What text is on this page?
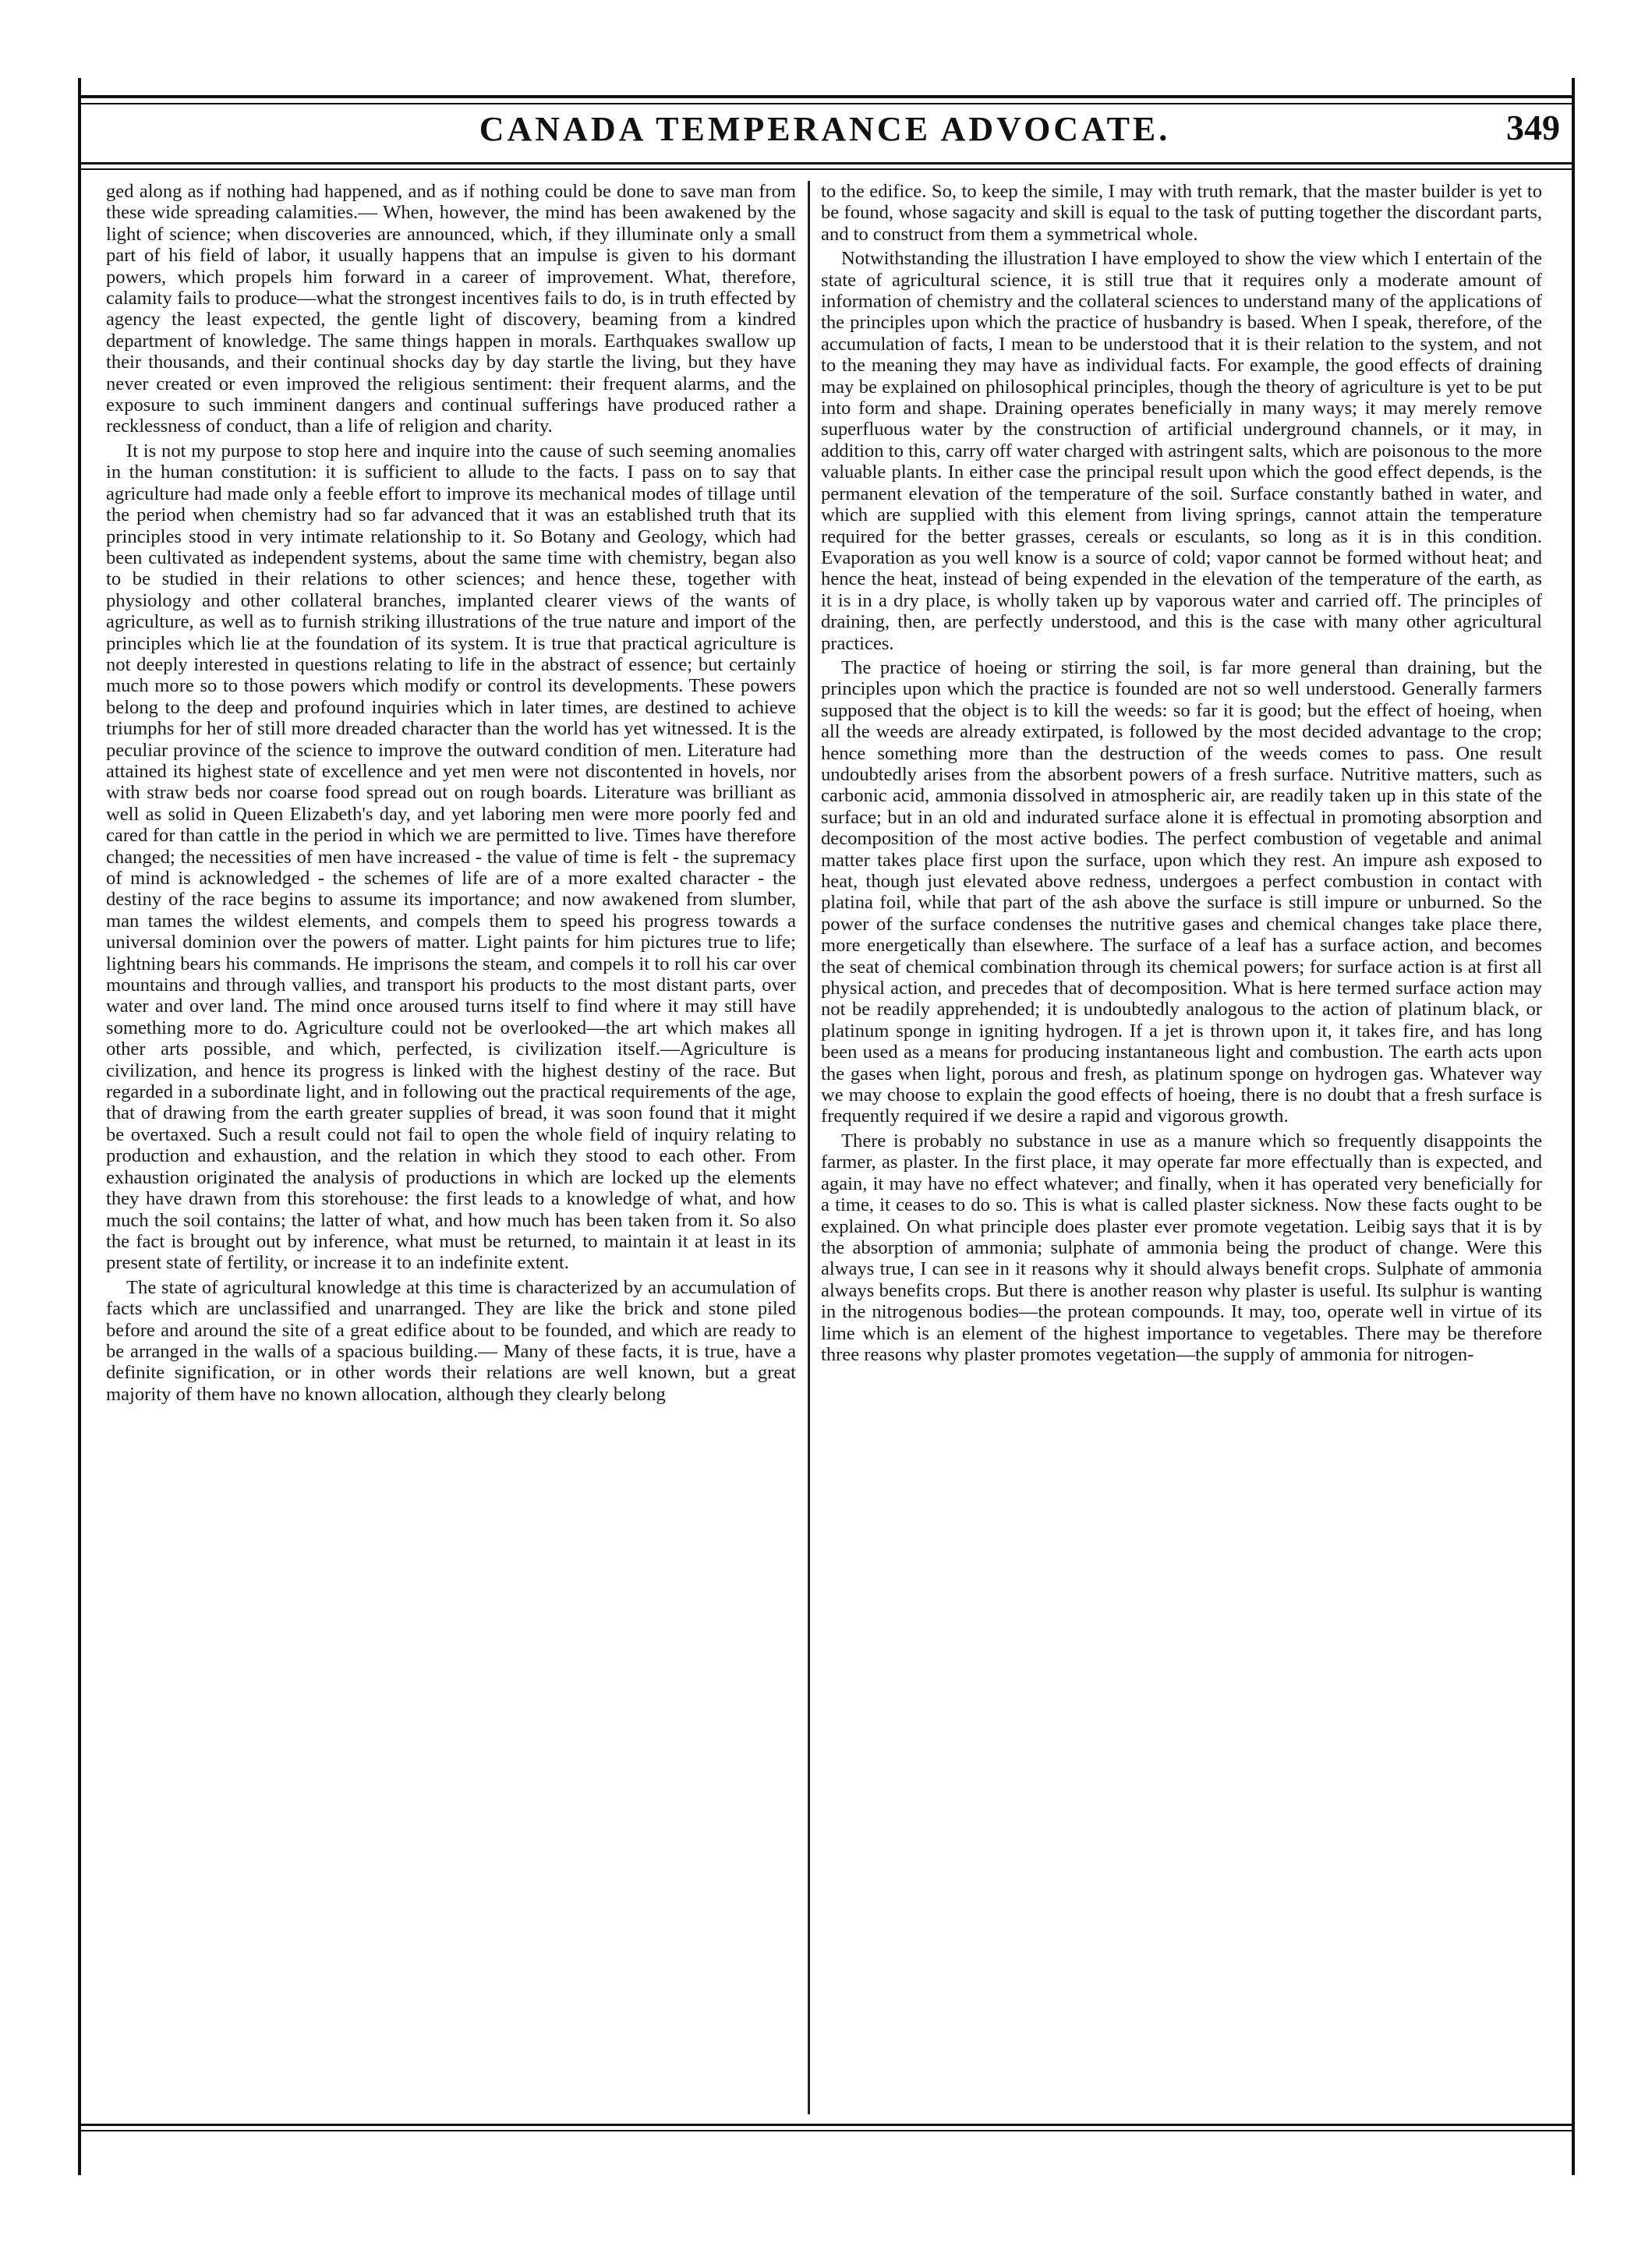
CANADA TEMPERANCE ADVOCATE.	349

ged along as if nothing had happened, and as if nothing could be done to save man from these wide spreading calamities.— When, however, the mind has been awakened by the light of science; when discoveries are announced, which, if they illuminate only a small part of his field of labor, it usually happens that an impulse is given to his dormant powers, which propels him forward in a career of improvement. What, therefore, calamity fails to produce—what the strongest incentives fails to do, is in truth effected by agency the least expected, the gentle light of discovery, beaming from a kindred department of knowledge. The same things happen in morals. Earthquakes swallow up their thousands, and their continual shocks day by day startle the living, but they have never created or even improved the religious sentiment: their frequent alarms, and the exposure to such imminent dangers and continual sufferings have produced rather a recklessness of conduct, than a life of religion and charity.

It is not my purpose to stop here and inquire into the cause of such seeming anomalies in the human constitution: it is sufficient to allude to the facts. I pass on to say that agriculture had made only a feeble effort to improve its mechanical modes of tillage until the period when chemistry had so far advanced that it was an established truth that its principles stood in very intimate relationship to it. So Botany and Geology, which had been cultivated as independent systems, about the same time with chemistry, began also to be studied in their relations to other sciences; and hence these, together with physiology and other collateral branches, implanted clearer views of the wants of agriculture, as well as to furnish striking illustrations of the true nature and import of the principles which lie at the foundation of its system. It is true that practical agriculture is not deeply interested in questions relating to life in the abstract of essence; but certainly much more so to those powers which modify or control its developments. These powers belong to the deep and profound inquiries which in later times, are destined to achieve triumphs for her of still more dreaded character than the world has yet witnessed. It is the peculiar province of the science to improve the outward condition of men. Literature had attained its highest state of excellence and yet men were not discontented in hovels, nor with straw beds nor coarse food spread out on rough boards. Literature was brilliant as well as solid in Queen Elizabeth's day, and yet laboring men were more poorly fed and cared for than cattle in the period in which we are permitted to live. Times have therefore changed; the necessities of men have increased - the value of time is felt - the supremacy of mind is acknowledged - the schemes of life are of a more exalted character - the destiny of the race begins to assume its importance; and now awakened from slumber, man tames the wildest elements, and compels them to speed his progress towards a universal dominion over the powers of matter. Light paints for him pictures true to life; lightning bears his commands. He imprisons the steam, and compels it to roll his car over mountains and through vallies, and transport his products to the most distant parts, over water and over land. The mind once aroused turns itself to find where it may still have something more to do. Agriculture could not be overlooked—the art which makes all other arts possible, and which, perfected, is civilization itself.—Agriculture is civilization, and hence its progress is linked with the highest destiny of the race. But regarded in a subordinate light, and in following out the practical requirements of the age, that of drawing from the earth greater supplies of bread, it was soon found that it might be overtaxed. Such a result could not fail to open the whole field of inquiry relating to production and exhaustion, and the relation in which they stood to each other. From exhaustion originated the analysis of productions in which are locked up the elements they have drawn from this storehouse: the first leads to a knowledge of what, and how much the soil contains; the latter of what, and how much has been taken from it. So also the fact is brought out by inference, what must be returned, to maintain it at least in its present state of fertility, or increase it to an indefinite extent.

The state of agricultural knowledge at this time is characterized by an accumulation of facts which are unclassified and unarranged. They are like the brick and stone piled before and around the site of a great edifice about to be founded, and which are ready to be arranged in the walls of a spacious building.— Many of these facts, it is true, have a definite signification, or in other words their relations are well known, but a great majority of them have no known allocation, although they clearly belong

to the edifice. So, to keep the simile, I may with truth remark, that the master builder is yet to be found, whose sagacity and skill is equal to the task of putting together the discordant parts, and to construct from them a symmetrical whole.

Notwithstanding the illustration I have employed to show the view which I entertain of the state of agricultural science, it is still true that it requires only a moderate amount of information of chemistry and the collateral sciences to understand many of the applications of the principles upon which the practice of husbandry is based. When I speak, therefore, of the accumulation of facts, I mean to be understood that it is their relation to the system, and not to the meaning they may have as individual facts. For example, the good effects of draining may be explained on philosophical principles, though the theory of agriculture is yet to be put into form and shape. Draining operates beneficially in many ways; it may merely remove superfluous water by the construction of artificial underground channels, or it may, in addition to this, carry off water charged with astringent salts, which are poisonous to the more valuable plants. In either case the principal result upon which the good effect depends, is the permanent elevation of the temperature of the soil. Surface constantly bathed in water, and which are supplied with this element from living springs, cannot attain the temperature required for the better grasses, cereals or esculants, so long as it is in this condition. Evaporation as you well know is a source of cold; vapor cannot be formed without heat; and hence the heat, instead of being expended in the elevation of the temperature of the earth, as it is in a dry place, is wholly taken up by vaporous water and carried off. The principles of draining, then, are perfectly understood, and this is the case with many other agricultural practices.

The practice of hoeing or stirring the soil, is far more general than draining, but the principles upon which the practice is founded are not so well understood. Generally farmers supposed that the object is to kill the weeds: so far it is good; but the effect of hoeing, when all the weeds are already extirpated, is followed by the most decided advantage to the crop; hence something more than the destruction of the weeds comes to pass. One result undoubtedly arises from the absorbent powers of a fresh surface. Nutritive matters, such as carbonic acid, ammonia dissolved in atmospheric air, are readily taken up in this state of the surface; but in an old and indurated surface alone it is effectual in promoting absorption and decomposition of the most active bodies. The perfect combustion of vegetable and animal matter takes place first upon the surface, upon which they rest. An impure ash exposed to heat, though just elevated above redness, undergoes a perfect combustion in contact with platina foil, while that part of the ash above the surface is still impure or unburned. So the power of the surface condenses the nutritive gases and chemical changes take place there, more energetically than elsewhere. The surface of a leaf has a surface action, and becomes the seat of chemical combination through its chemical powers; for surface action is at first all physical action, and precedes that of decomposition. What is here termed surface action may not be readily apprehended; it is undoubtedly analogous to the action of platinum black, or platinum sponge in igniting hydrogen. If a jet is thrown upon it, it takes fire, and has long been used as a means for producing instantaneous light and combustion. The earth acts upon the gases when light, porous and fresh, as platinum sponge on hydrogen gas. Whatever way we may choose to explain the good effects of hoeing, there is no doubt that a fresh surface is frequently required if we desire a rapid and vigorous growth.

There is probably no substance in use as a manure which so frequently disappoints the farmer, as plaster. In the first place, it may operate far more effectually than is expected, and again, it may have no effect whatever; and finally, when it has operated very beneficially for a time, it ceases to do so. This is what is called plaster sickness. Now these facts ought to be explained. On what principle does plaster ever promote vegetation. Leibig says that it is by the absorption of ammonia; sulphate of ammonia being the product of change. Were this always true, I can see in it reasons why it should always benefit crops. Sulphate of ammonia always benefits crops. But there is another reason why plaster is useful. Its sulphur is wanting in the nitrogenous bodies—the protean compounds. It may, too, operate well in virtue of its lime which is an element of the highest importance to vegetables. There may be therefore three reasons why plaster promotes vegetation—the supply of ammonia for nitrogen-
